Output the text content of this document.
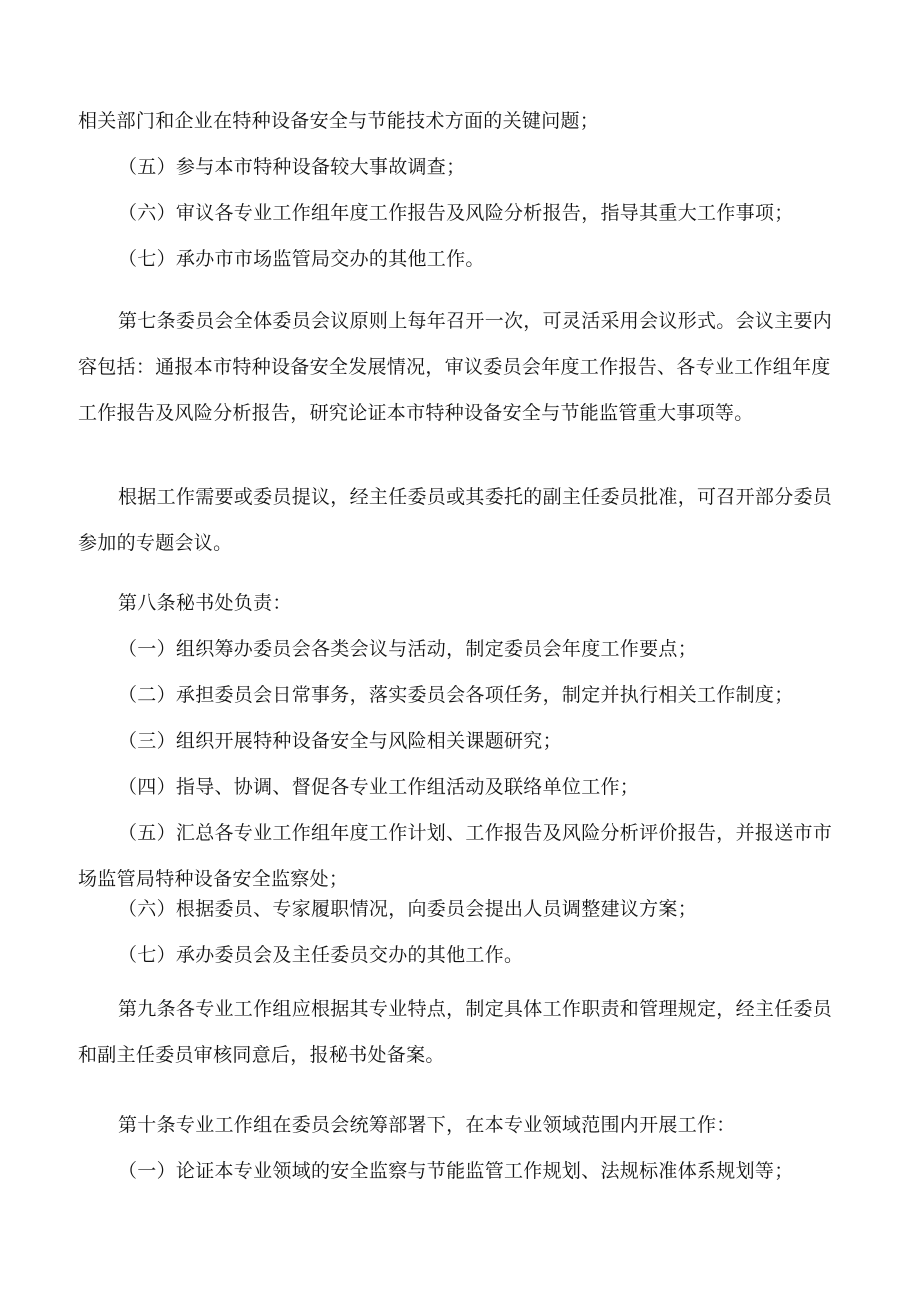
相关部门和企业在特种设备安全与节能技术方面的关键问题；

（五）参与本市特种设备较大事故调查；

（六）审议各专业工作组年度工作报告及风险分析报告，指导其重大工作事项；

（七）承办市市场监管局交办的其他工作。

第七条委员会全体委员会议原则上每年召开一次，可灵活采用会议形式。会议主要内容包括：通报本市特种设备安全发展情况，审议委员会年度工作报告、各专业工作组年度工作报告及风险分析报告，研究论证本市特种设备安全与节能监管重大事项等。

根据工作需要或委员提议，经主任委员或其委托的副主任委员批准，可召开部分委员参加的专题会议。

第八条秘书处负责：

（一）组织筹办委员会各类会议与活动，制定委员会年度工作要点；

（二）承担委员会日常事务，落实委员会各项任务，制定并执行相关工作制度；

（三）组织开展特种设备安全与风险相关课题研究；

（四）指导、协调、督促各专业工作组活动及联络单位工作；

（五）汇总各专业工作组年度工作计划、工作报告及风险分析评价报告，并报送市市场监管局特种设备安全监察处；

（六）根据委员、专家履职情况，向委员会提出人员调整建议方案；

（七）承办委员会及主任委员交办的其他工作。

第九条各专业工作组应根据其专业特点，制定具体工作职责和管理规定，经主任委员和副主任委员审核同意后，报秘书处备案。

第十条专业工作组在委员会统筹部署下，在本专业领域范围内开展工作：

（一）论证本专业领域的安全监察与节能监管工作规划、法规标准体系规划等；
